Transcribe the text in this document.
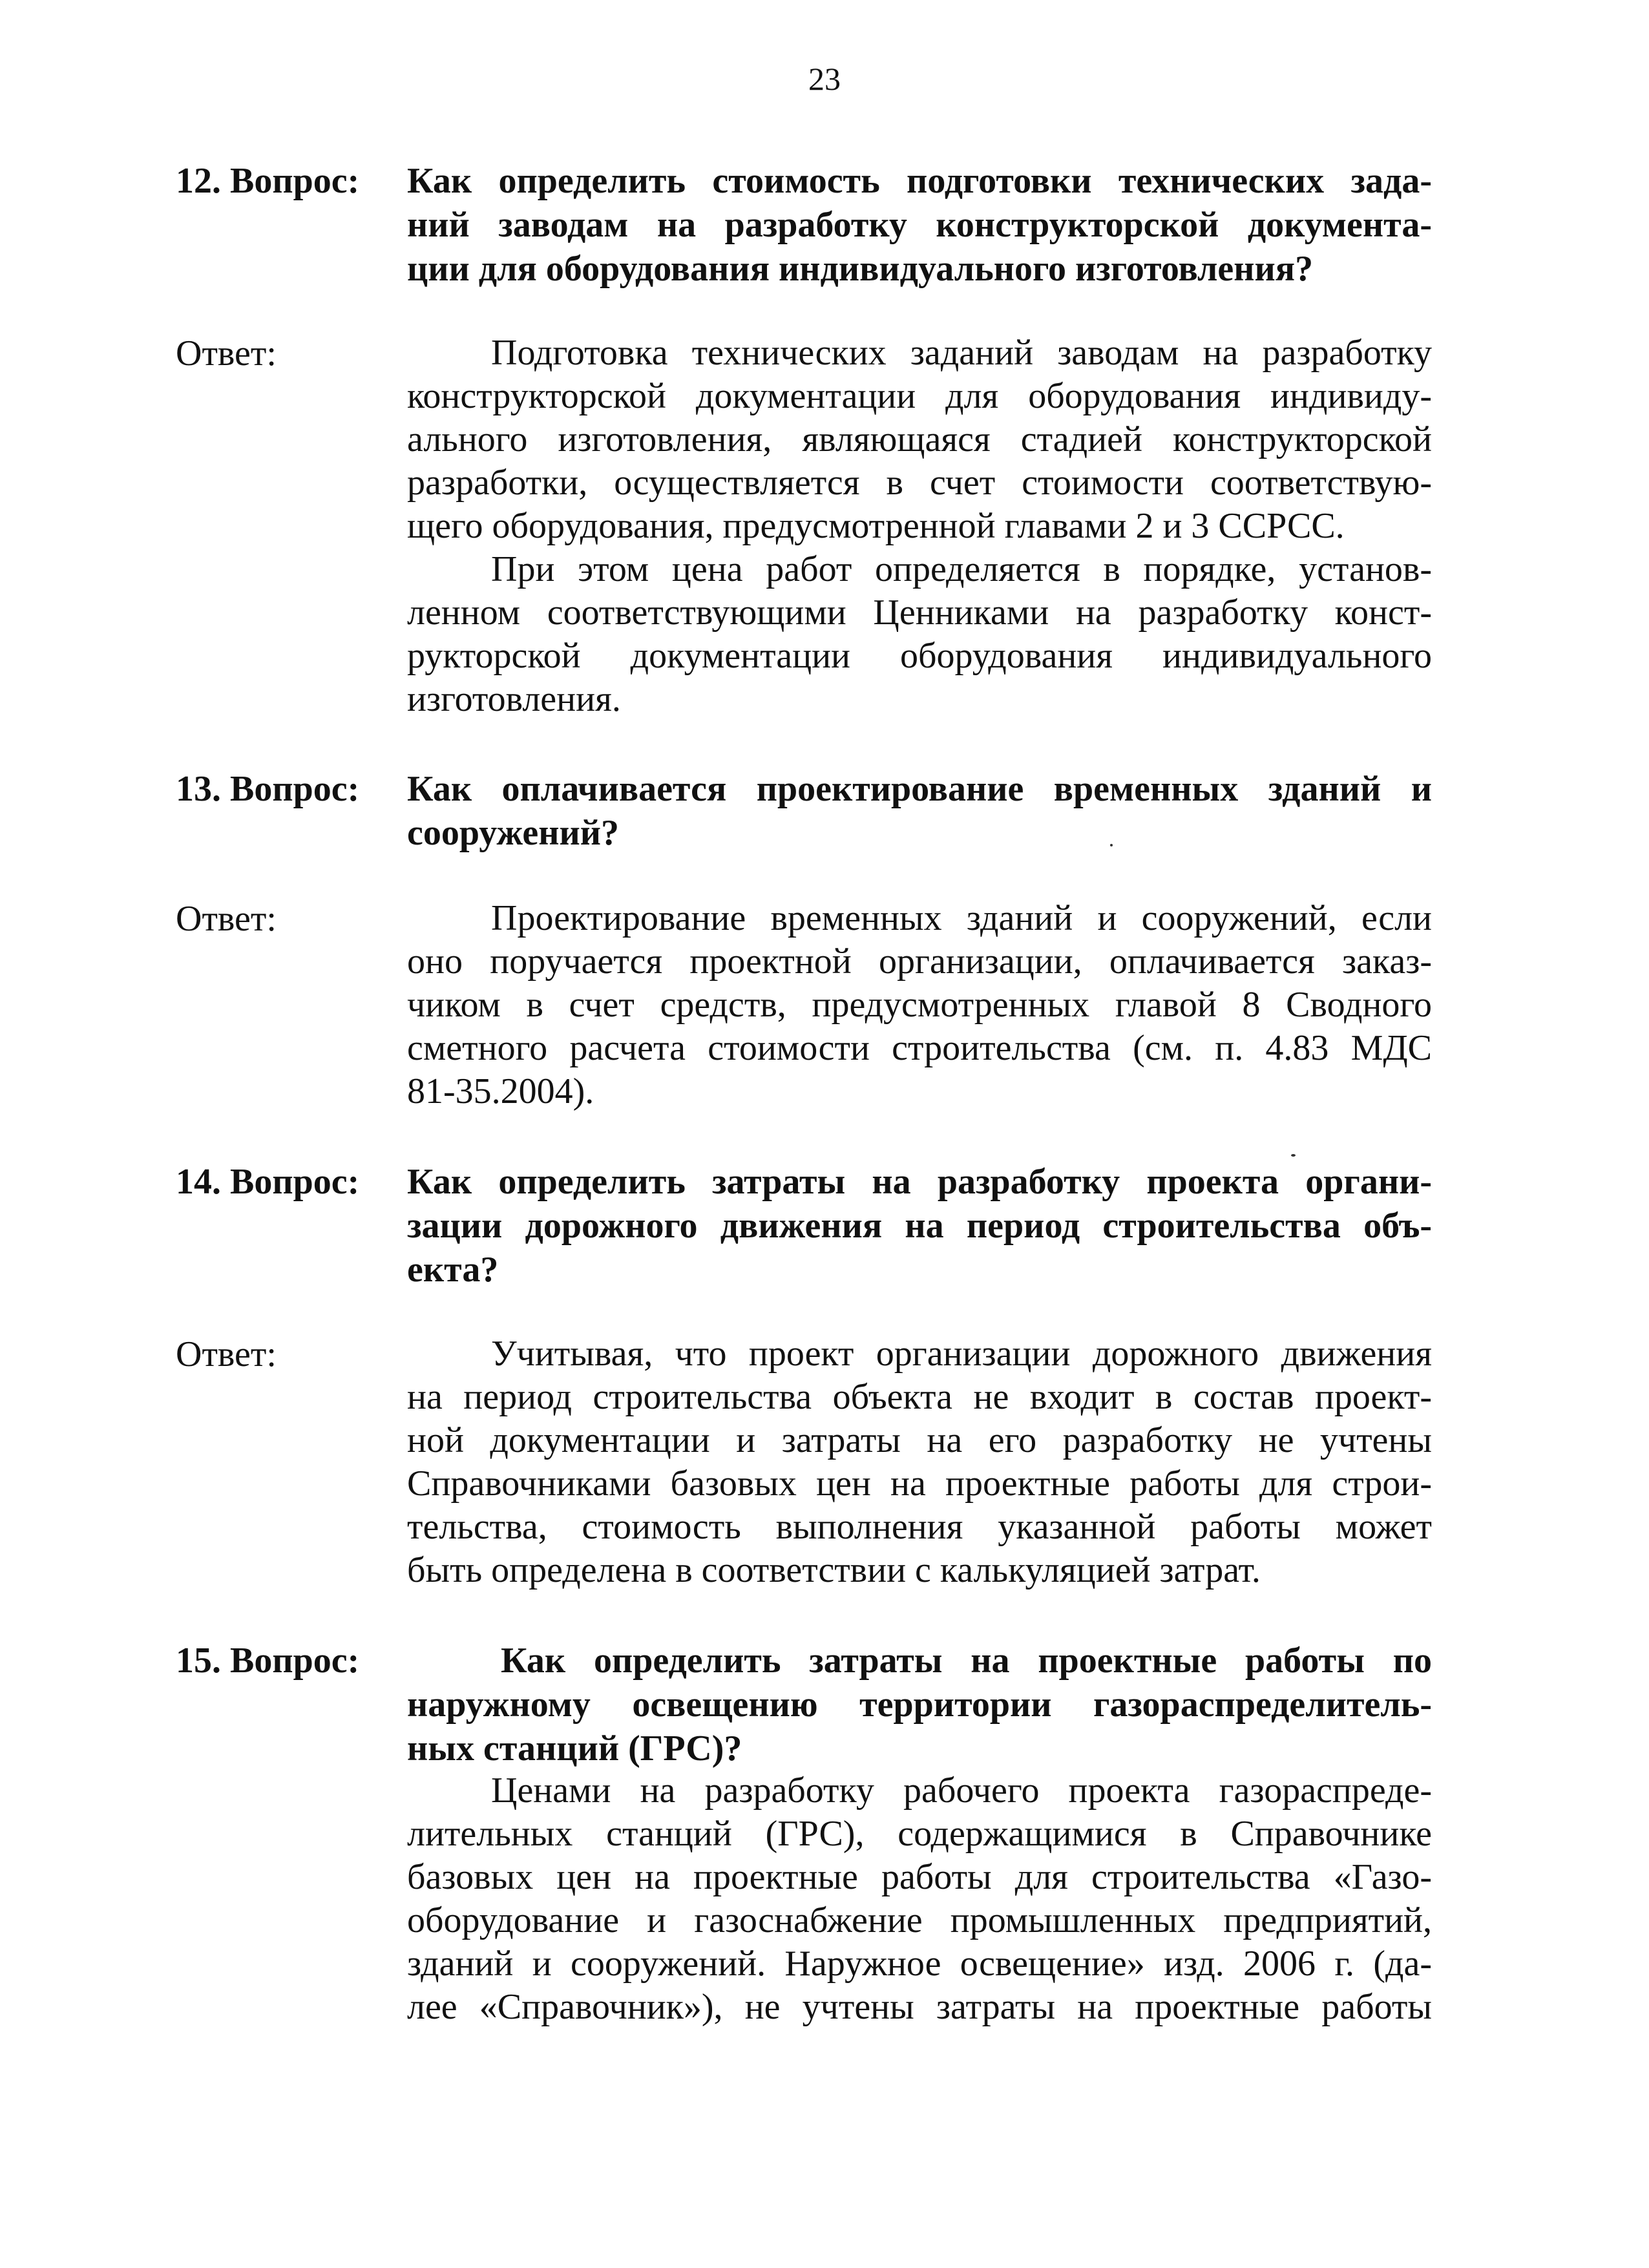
23
12. Вопрос: Как определить стоимость подготовки технических зада-
ний заводам на разработку конструкторской документа-
ции для оборудования индивидуального изготовления?
Ответ:	Подготовка технических заданий заводам на разработку
конструкторской документации для оборудования индивиду-
ального изготовления, являющаяся стадией конструкторской
разработки, осуществляется в счет стоимости соответствую-
щего оборудования, предусмотренной главами 2 и 3 ССРСС.
При этом цена работ определяется в порядке, установ-
ленном соответствующими Ценниками на разработку конст-
рукторской документации оборудования индивидуального
изготовления.
13. Вопрос: Как оплачивается проектирование временных зданий и
сооружений?
Ответ:	Проектирование временных зданий и сооружений, если
оно поручается проектной организации, оплачивается заказ-
чиком в счет средств, предусмотренных главой 8 Сводного
сметного расчета стоимости строительства (см. п. 4.83 МДС
81-35.2004).
14. Вопрос: Как определить затраты на разработку проекта органи-
зации дорожного движения на период строительства объ-
екта?
Ответ:	Учитывая, что проект организации дорожного движения
на период строительства объекта не входит в состав проект-
ной документации и затраты на его разработку не учтены
Справочниками базовых цен на проектные работы для строи-
тельства, стоимость выполнения указанной работы может
быть определена в соответствии с калькуляцией затрат.
15. Вопрос:	Как определить затраты на проектные работы по
наружному освещению территории газораспределитель-
ных станций (ГРС)?
Ценами на разработку рабочего проекта газораспреде-
лительных станций (ГРС), содержащимися в Справочнике
базовых цен на проектные работы для строительства «Газо-
оборудование и газоснабжение промышленных предприятий,
зданий и сооружений. Наружное освещение» изд. 2006 г. (да-
лее «Справочник»), не учтены затраты на проектные работы
